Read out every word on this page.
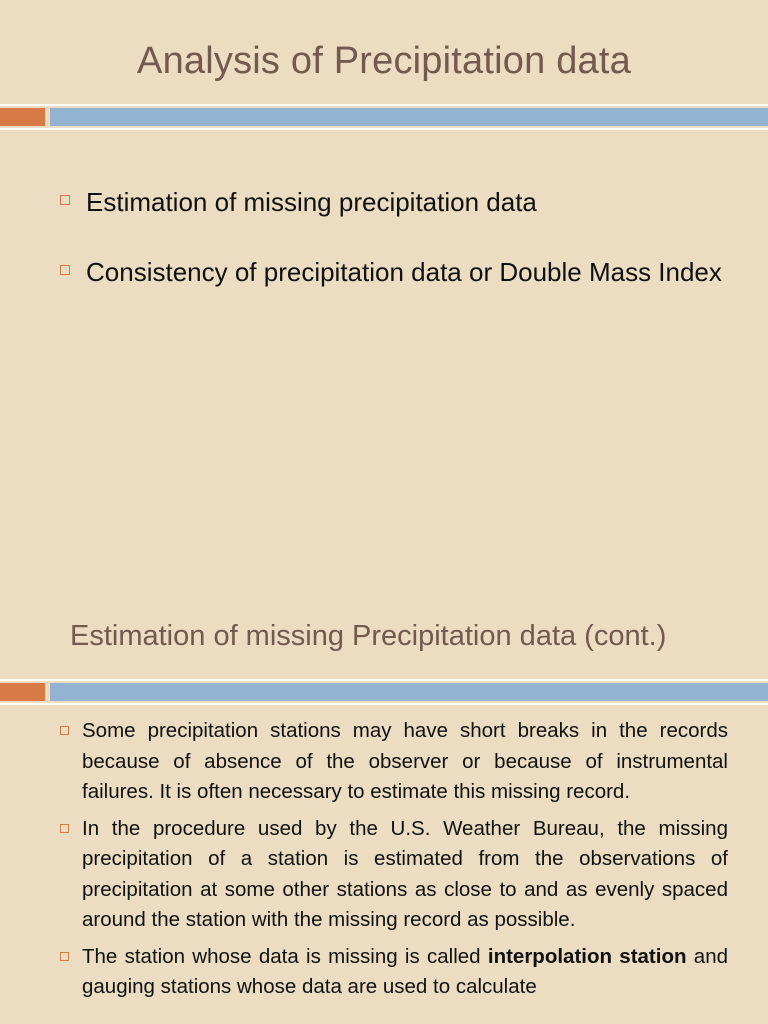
Analysis of Precipitation data
Estimation of missing precipitation data
Consistency of precipitation data or Double Mass Index
Estimation of missing Precipitation data (cont.)
Some precipitation stations may have short breaks in the records because of absence of the observer or because of instrumental failures. It is often necessary to estimate this missing record.
In the procedure used by the U.S. Weather Bureau, the missing precipitation of a station is estimated from the observations of precipitation at some other stations as close to and as evenly spaced around the station with the missing record as possible.
The station whose data is missing is called interpolation station and gauging stations whose data are used to calculate
